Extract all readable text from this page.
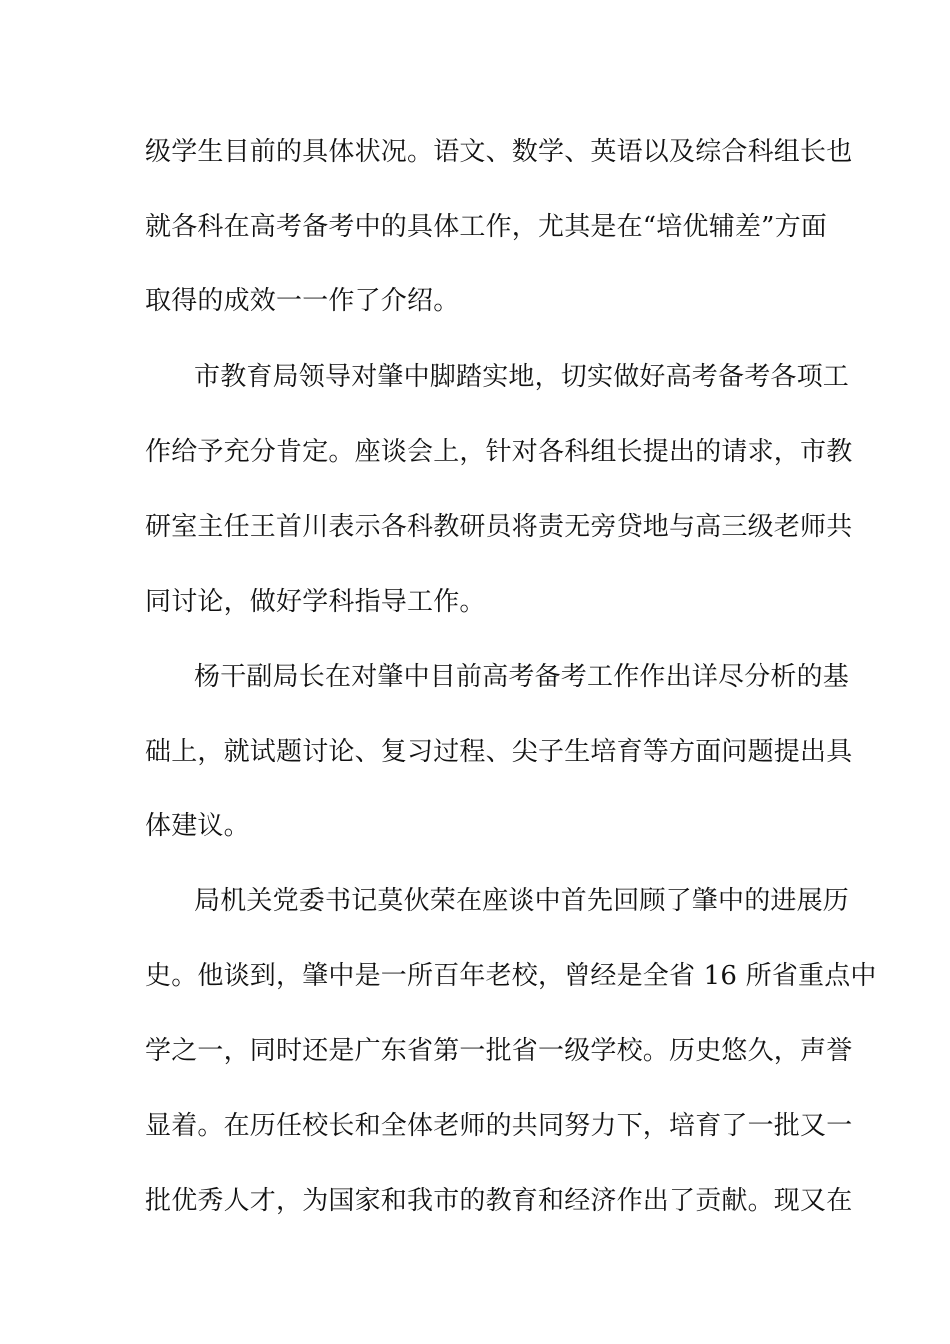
级学生目前的具体状况。语文、数学、英语以及综合科组长也
就各科在高考备考中的具体工作，尤其是在“培优辅差”方面
取得的成效一一作了介绍。
市教育局领导对肇中脚踏实地，切实做好高考备考各项工
作给予充分肯定。座谈会上，针对各科组长提出的请求，市教
研室主任王首川表示各科教研员将责无旁贷地与高三级老师共
同讨论，做好学科指导工作。
杨干副局长在对肇中目前高考备考工作作出详尽分析的基
础上，就试题讨论、复习过程、尖子生培育等方面问题提出具
体建议。
局机关党委书记莫伙荣在座谈中首先回顾了肇中的进展历
史。他谈到，肇中是一所百年老校，曾经是全省 16 所省重点中
学之一，同时还是广东省第一批省一级学校。历史悠久，声誉
显着。在历任校长和全体老师的共同努力下，培育了一批又一
批优秀人才，为国家和我市的教育和经济作出了贡献。现又在
